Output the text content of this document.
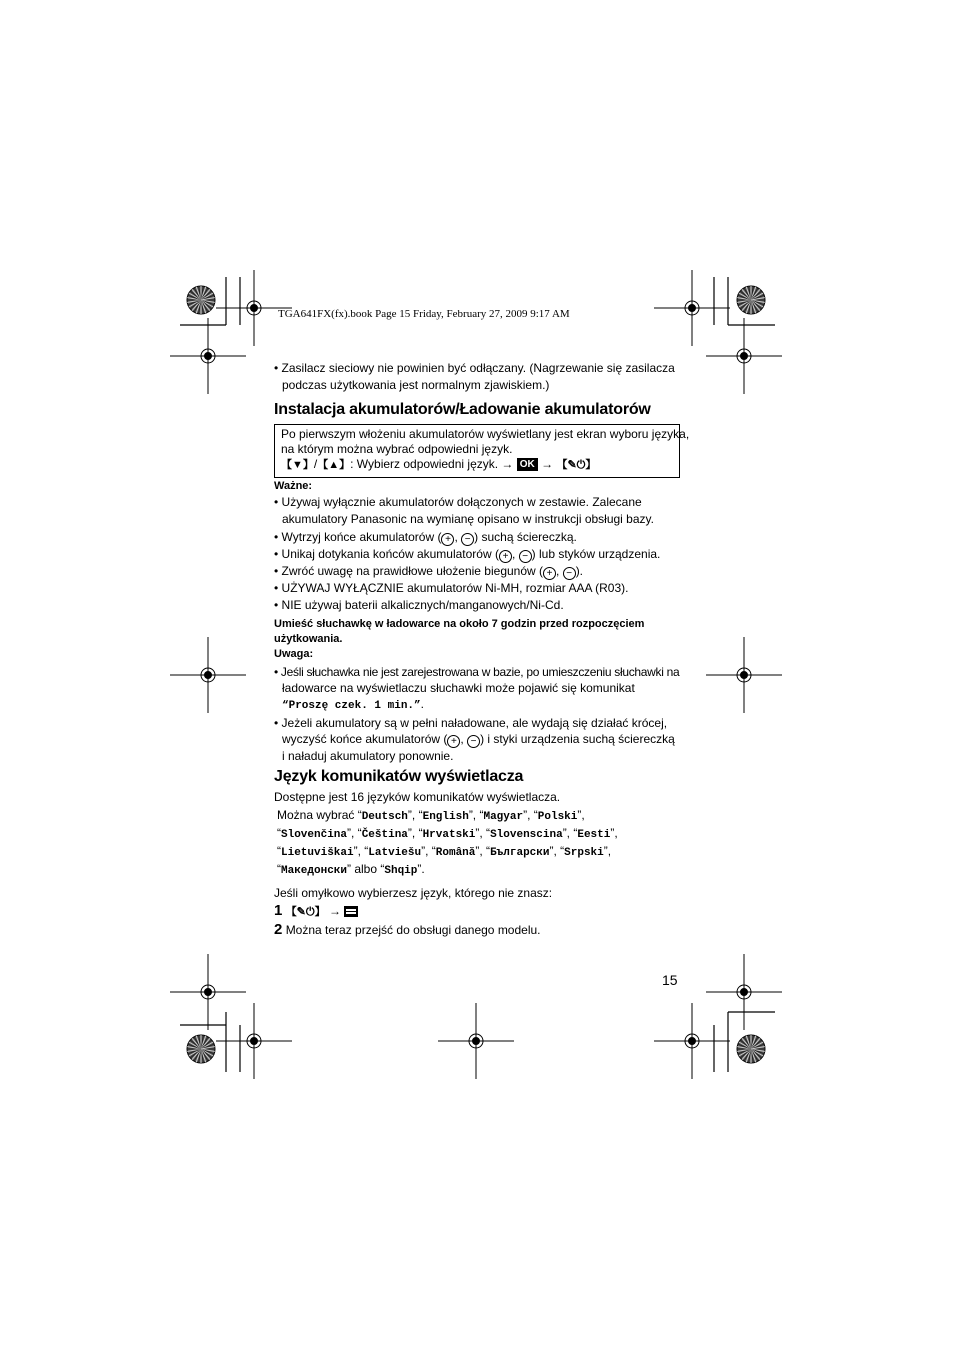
TGA641FX(fx).book Page 15 Friday, February 27, 2009 9:17 AM
• Zasilacz sieciowy nie powinien być odłączany. (Nagrzewanie się zasilacza
podczas użytkowania jest normalnym zjawiskiem.)
Instalacja akumulatorów/Ładowanie akumulatorów
Po pierwszym włożeniu akumulatorów wyświetlany jest ekran wyboru języka,
na którym można wybrać odpowiedni język.
【▼】/【▲】: Wybierz odpowiedni język. → OK → 【✎⏻】
Ważne:
• Używaj wyłącznie akumulatorów dołączonych w zestawie. Zalecane
akumulatory Panasonic na wymianę opisano w instrukcji obsługi bazy.
• Wytrzyj końce akumulatorów ( + , − ) suchą ściereczką.
• Unikaj dotykania końców akumulatorów ( + , − ) lub styków urządzenia.
• Zwróć uwagę na prawidłowe ułożenie biegunów ( + , − ).
• UŻYWAJ WYŁĄCZNIE akumulatorów Ni-MH, rozmiar AAA (R03).
• NIE używaj baterii alkalicznych/manganowych/Ni-Cd.
Umieść słuchawkę w ładowarce na około 7 godzin przed rozpoczęciem
użytkowania.
Uwaga:
• Jeśli słuchawka nie jest zarejestrowana w bazie, po umieszczeniu słuchawki na
ładowarce na wyświetlaczu słuchawki może pojawić się komunikat
“Proszę czek. 1 min.”.
• Jeżeli akumulatory są w pełni naładowane, ale wydają się działać krócej,
wyczyść końce akumulatorów ( + , − ) i styki urządzenia suchą ściereczką
i naładuj akumulatory ponownie.
Język komunikatów wyświetlacza
Dostępne jest 16 języków komunikatów wyświetlacza.
Można wybrać “Deutsch”, “English”, “Magyar”, “Polski”,
“Slovenčina”, “Čeština”, “Hrvatski”, “Slovenscina”, “Eesti”,
“Lietuviškai”, “Latviešu”, “Română”, “Български”, “Srpski”,
“Македонски” albo “Shqip”.
Jeśli omyłkowo wybierzesz język, którego nie znasz:
1 【✎⏻】 →
2 Można teraz przejść do obsługi danego modelu.
15
